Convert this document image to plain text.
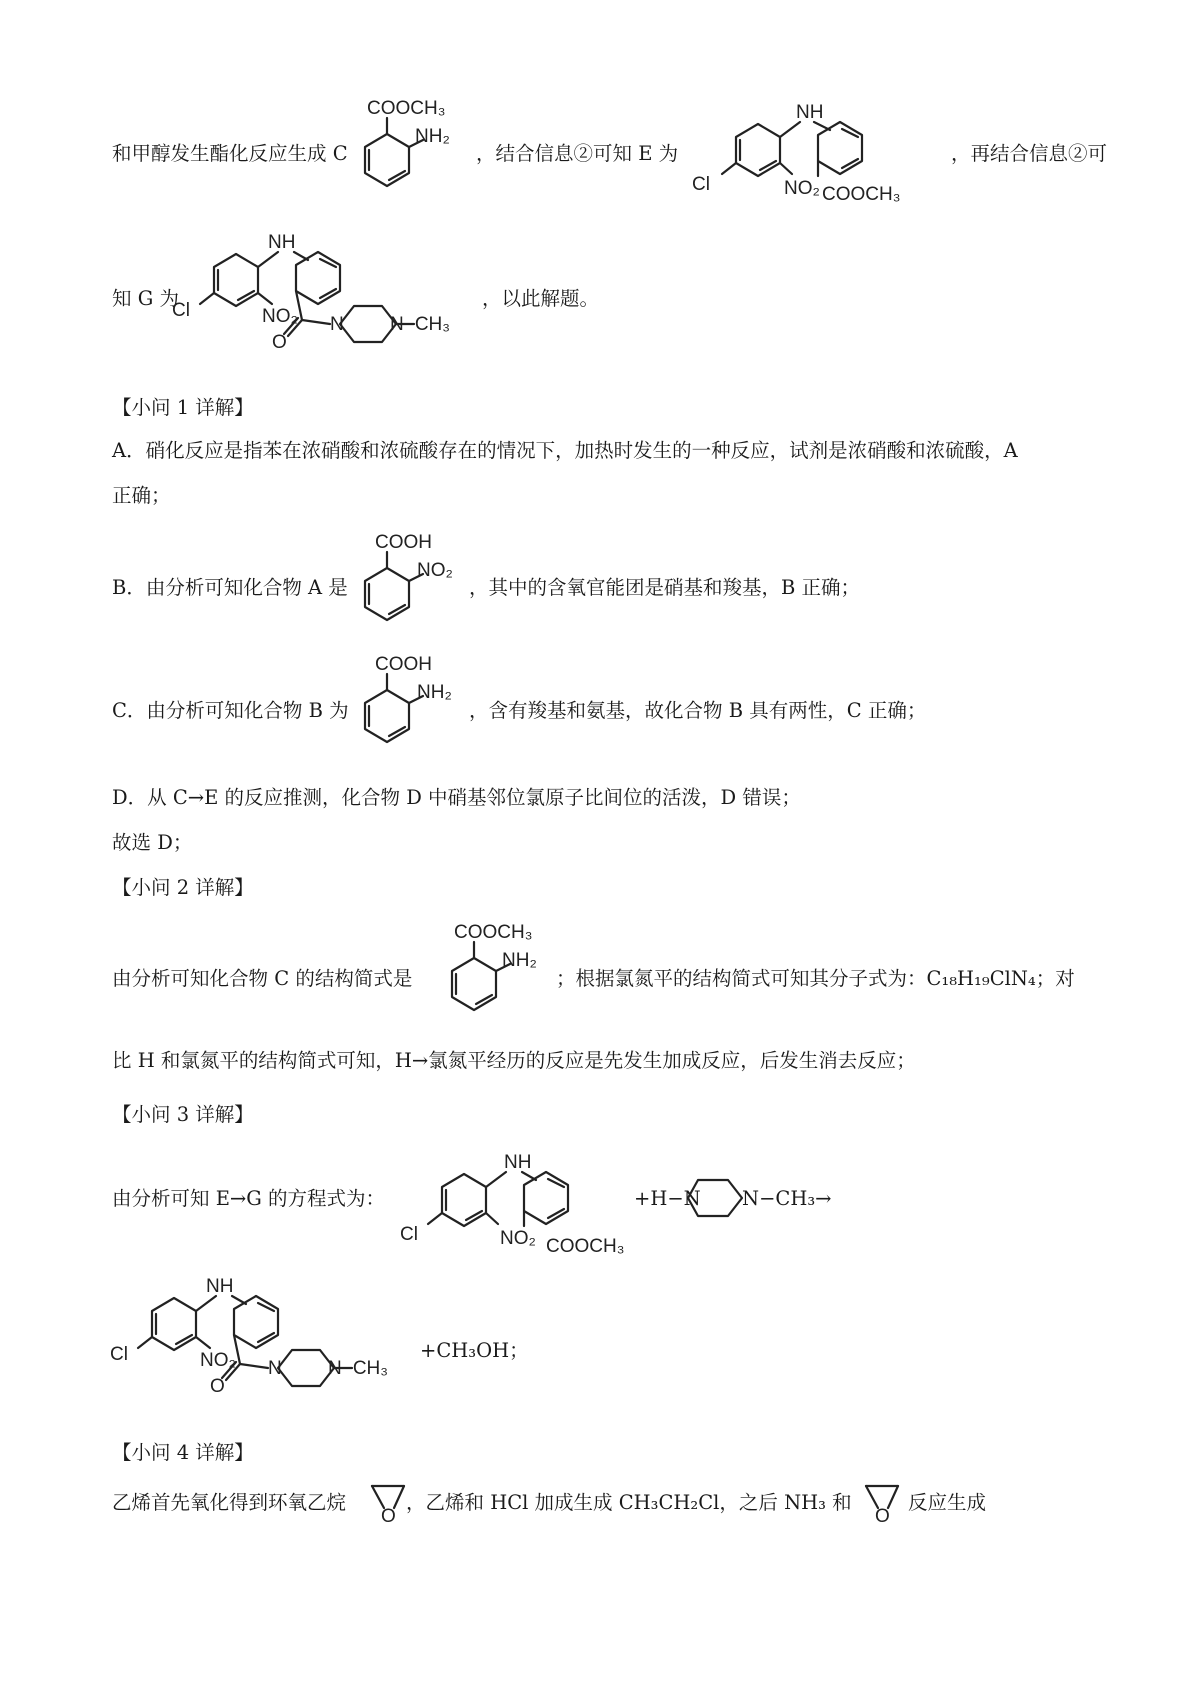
和甲醇发生酯化反应生成 C
COOCH₃
NH₂
，结合信息②可知 E 为
NH
Cl	NO₂ COOCH₃
，再结合信息②可
知 G 为
NH
Cl	NO₂
O
N N−CH₃
，以此解题。
【小问 1 详解】
A．硝化反应是指苯在浓硝酸和浓硫酸存在的情况下，加热时发生的一种反应，试剂是浓硝酸和浓硫酸，A
正确；
B．由分析可知化合物 A 是
COOH
NO₂
，其中的含氧官能团是硝基和羧基，B 正确；
C．由分析可知化合物 B 为
COOH
NH₂
，含有羧基和氨基，故化合物 B 具有两性，C 正确；
D．从 C→E 的反应推测，化合物 D 中硝基邻位氯原子比间位的活泼，D 错误；
故选 D；
【小问 2 详解】
由分析可知化合物 C 的结构简式是
COOCH₃
NH₂
；根据氯氮平的结构简式可知其分子式为：C₁₈H₁₉ClN₄；对
比 H 和氯氮平的结构简式可知，H→氯氮平经历的反应是先发生加成反应，后发生消去反应；
【小问 3 详解】
由分析可知 E→G 的方程式为：
NH
Cl	NO₂ COOCH₃
+H−N N−CH₃→
NH
Cl	NO₂
O
N N−CH₃
+CH₃OH；
【小问 4 详解】
乙烯首先氧化得到环氧乙烷
O
，乙烯和 HCl 加成生成 CH₃CH₂Cl，之后 NH₃ 和
O
反应生成
